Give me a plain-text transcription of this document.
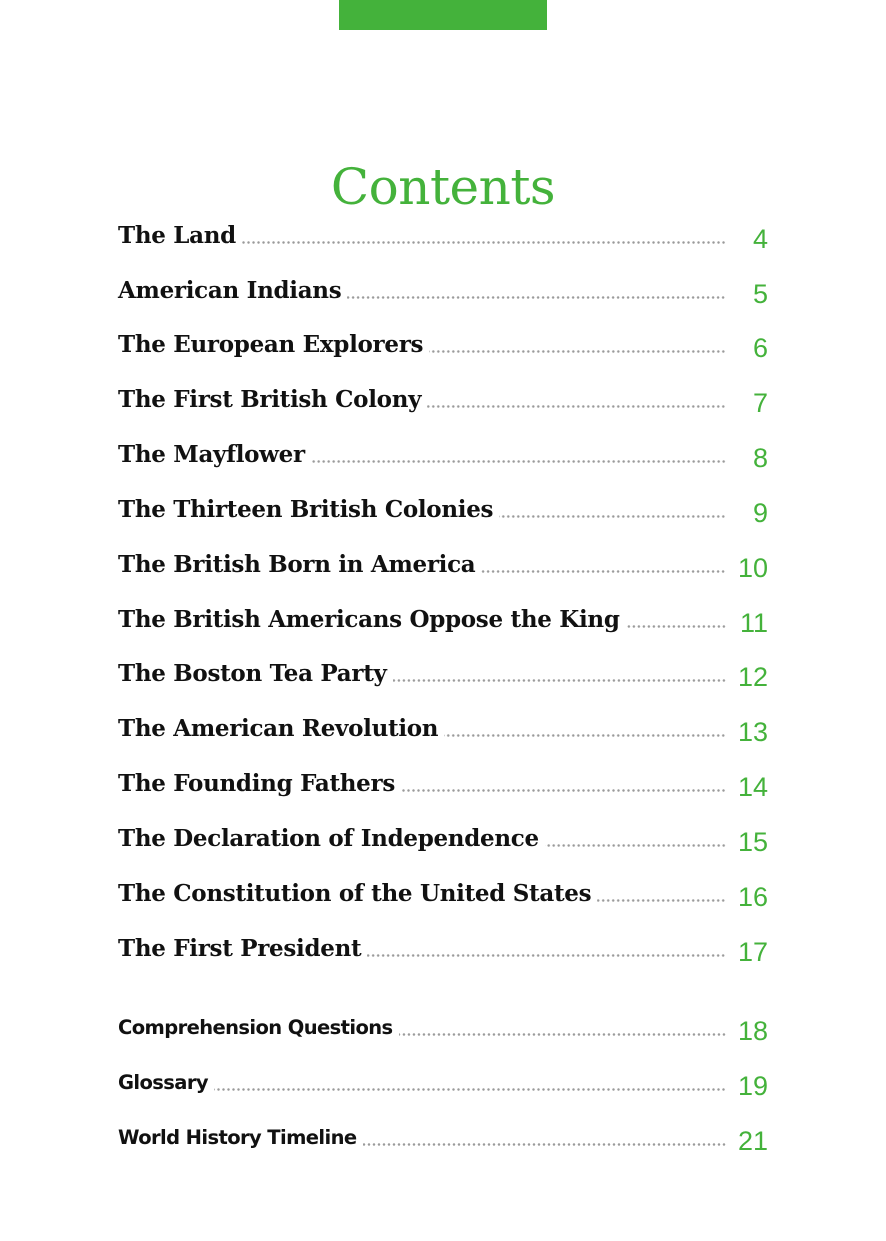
Contents
The Land	4
American Indians	5
The European Explorers	6
The First British Colony	7
The Mayflower	8
The Thirteen British Colonies	9
The British Born in America	10
The British Americans Oppose the King	11
The Boston Tea Party	12
The American Revolution	13
The Founding Fathers	14
The Declaration of Independence	15
The Constitution of the United States	16
The First President	17
Comprehension Questions	18
Glossary	19
World History Timeline	21
